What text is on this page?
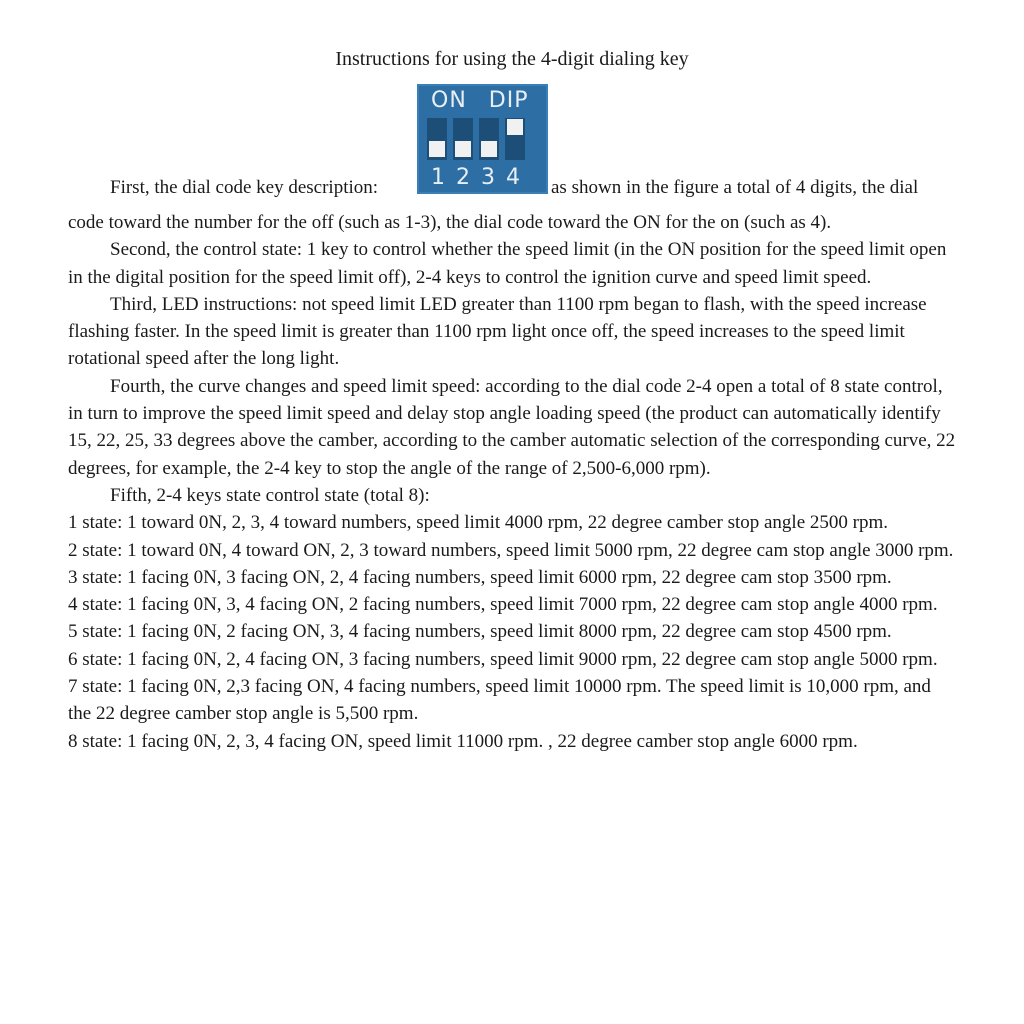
Instructions for using the 4-digit dialing key
ON DIP
1 2 3 4
First, the dial code key description:	as shown in the figure a total of 4 digits, the dial

code toward the number for the off (such as 1-3), the dial code toward the ON for the on (such as 4).

Second, the control state: 1 key to control whether the speed limit (in the ON position for the speed limit open in the digital position for the speed limit off), 2-4 keys to control the ignition curve and speed limit speed.

Third, LED instructions: not speed limit LED greater than 1100 rpm began to flash, with the speed increase flashing faster. In the speed limit is greater than 1100 rpm light once off, the speed increases to the speed limit rotational speed after the long light.

Fourth, the curve changes and speed limit speed: according to the dial code 2-4 open a total of 8 state control, in turn to improve the speed limit speed and delay stop angle loading speed (the product can automatically identify 15, 22, 25, 33 degrees above the camber, according to the camber automatic selection of the corresponding curve, 22 degrees, for example, the 2-4 key to stop the angle of the range of 2,500-6,000 rpm).

Fifth, 2-4 keys state control state (total 8):

1 state: 1 toward 0N, 2, 3, 4 toward numbers, speed limit 4000 rpm, 22 degree camber stop angle 2500 rpm.

2 state: 1 toward 0N, 4 toward ON, 2, 3 toward numbers, speed limit 5000 rpm, 22 degree cam stop angle 3000 rpm.

3 state: 1 facing 0N, 3 facing ON, 2, 4 facing numbers, speed limit 6000 rpm, 22 degree cam stop 3500 rpm.

4 state: 1 facing 0N, 3, 4 facing ON, 2 facing numbers, speed limit 7000 rpm, 22 degree cam stop angle 4000 rpm.

5 state: 1 facing 0N, 2 facing ON, 3, 4 facing numbers, speed limit 8000 rpm, 22 degree cam stop 4500 rpm.

6 state: 1 facing 0N, 2, 4 facing ON, 3 facing numbers, speed limit 9000 rpm, 22 degree cam stop angle 5000 rpm.

7 state: 1 facing 0N, 2,3 facing ON, 4 facing numbers, speed limit 10000 rpm. The speed limit is 10,000 rpm, and the 22 degree camber stop angle is 5,500 rpm.

8 state: 1 facing 0N, 2, 3, 4 facing ON, speed limit 11000 rpm. , 22 degree camber stop angle 6000 rpm.
